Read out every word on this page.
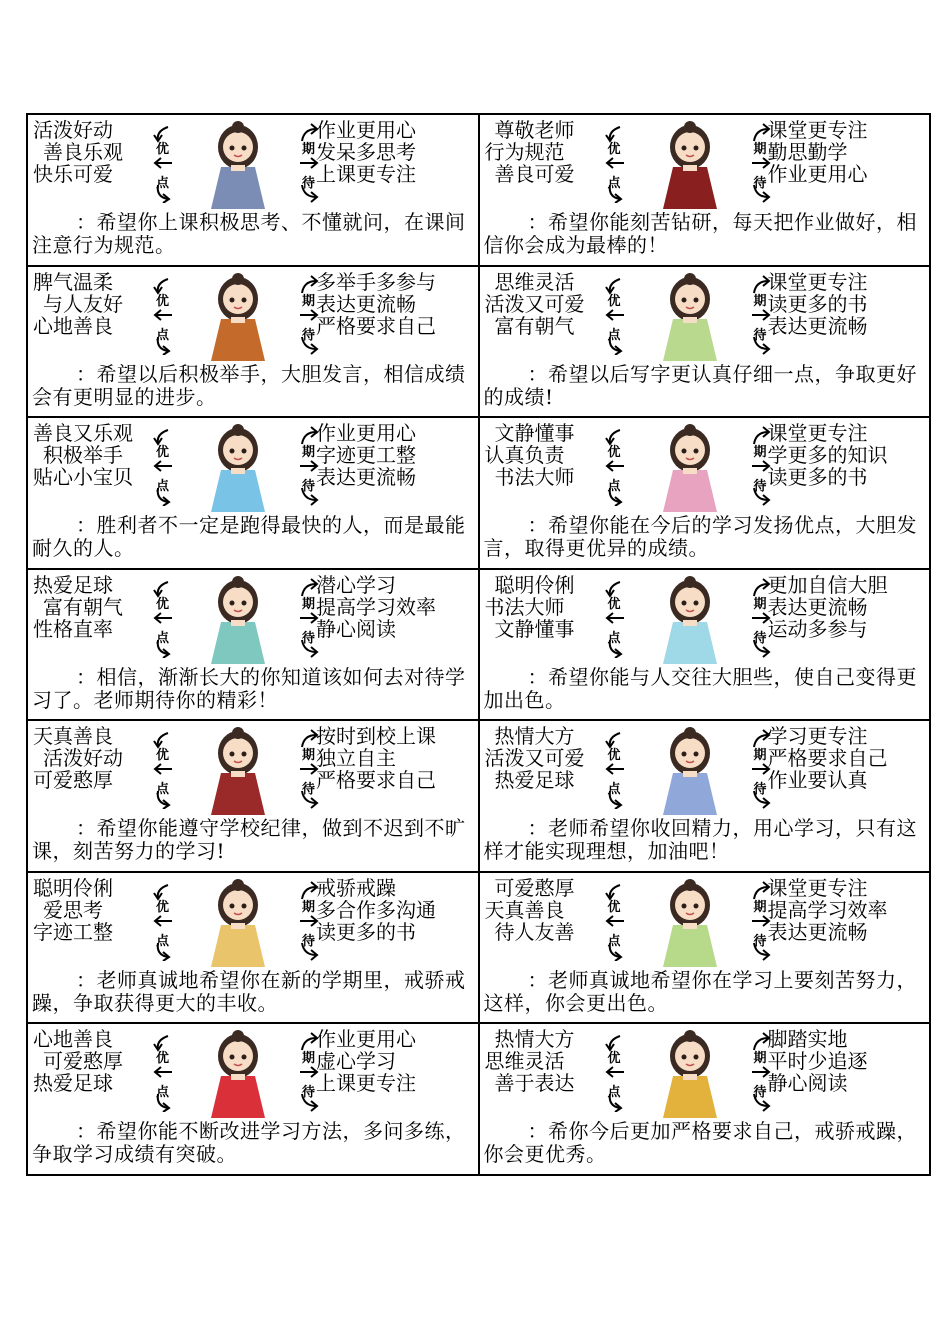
活泼好动
善良乐观
快乐可爱
优
点
期
待
作业更用心
发呆多思考
上课更专注
：希望你上课积极思考、不懂就问，在课间注意行为规范。
尊敬老师
行为规范
善良可爱
优
点
期
待
课堂更专注
勤思勤学
作业更用心
：希望你能刻苦钻研，每天把作业做好，相信你会成为最棒的！
脾气温柔
与人友好
心地善良
优
点
期
待
多举手多参与
表达更流畅
严格要求自己
：希望以后积极举手，大胆发言，相信成绩会有更明显的进步。
思维灵活
活泼又可爱
富有朝气
优
点
期
待
课堂更专注
读更多的书
表达更流畅
：希望以后写字更认真仔细一点，争取更好的成绩!
善良又乐观
积极举手
贴心小宝贝
优
点
期
待
作业更用心
字迹更工整
表达更流畅
：胜利者不一定是跑得最快的人，而是最能耐久的人。
文静懂事
认真负责
书法大师
优
点
期
待
课堂更专注
学更多的知识
读更多的书
：希望你能在今后的学习发扬优点，大胆发言，取得更优异的成绩。
热爱足球
富有朝气
性格直率
优
点
期
待
潜心学习
提高学习效率
静心阅读
：相信，渐渐长大的你知道该如何去对待学习了。老师期待你的精彩！
聪明伶俐
书法大师
文静懂事
优
点
期
待
更加自信大胆
表达更流畅
运动多参与
：希望你能与人交往大胆些，使自己变得更加出色。
天真善良
活泼好动
可爱憨厚
优
点
期
待
按时到校上课
独立自主
严格要求自己
：希望你能遵守学校纪律，做到不迟到不旷课，刻苦努力的学习!
热情大方
活泼又可爱
热爱足球
优
点
期
待
学习更专注
严格要求自己
作业要认真
：老师希望你收回精力，用心学习，只有这样才能实现理想，加油吧！
聪明伶俐
爱思考
字迹工整
优
点
期
待
戒骄戒躁
多合作多沟通
读更多的书
：老师真诚地希望你在新的学期里，戒骄戒躁，争取获得更大的丰收。
可爱憨厚
天真善良
待人友善
优
点
期
待
课堂更专注
提高学习效率
表达更流畅
：老师真诚地希望你在学习上要刻苦努力，这样，你会更出色。
心地善良
可爱憨厚
热爱足球
优
点
期
待
作业更用心
虚心学习
上课更专注
：希望你能不断改进学习方法，多问多练，争取学习成绩有突破。
热情大方
思维灵活
善于表达
优
点
期
待
脚踏实地
平时少追逐
静心阅读
：希你今后更加严格要求自己，戒骄戒躁，你会更优秀。
